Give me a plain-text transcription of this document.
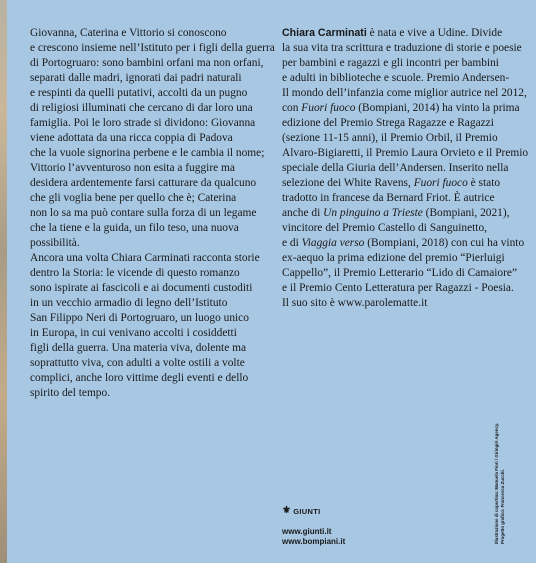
Giovanna, Caterina e Vittorio si conoscono
e crescono insieme nell’Istituto per i figli della guerra
di Portogruaro: sono bambini orfani ma non orfani,
separati dalle madri, ignorati dai padri naturali
e respinti da quelli putativi, accolti da un pugno
di religiosi illuminati che cercano di dar loro una
famiglia. Poi le loro strade si dividono: Giovanna
viene adottata da una ricca coppia di Padova
che la vuole signorina perbene e le cambia il nome;
Vittorio l’avventuroso non esita a fuggire ma
desidera ardentemente farsi catturare da qualcuno
che gli voglia bene per quello che è; Caterina
non lo sa ma può contare sulla forza di un legame
che la tiene e la guida, un filo teso, una nuova
possibilità.
Ancora una volta Chiara Carminati racconta storie
dentro la Storia: le vicende di questo romanzo
sono ispirate ai fascicoli e ai documenti custoditi
in un vecchio armadio di legno dell’Istituto
San Filippo Neri di Portogruaro, un luogo unico
in Europa, in cui venivano accolti i cosiddetti
figli della guerra. Una materia viva, dolente ma
soprattutto viva, con adulti a volte ostili a volte
complici, anche loro vittime degli eventi e dello
spirito del tempo.
Chiara Carminati è nata e vive a Udine. Divide
la sua vita tra scrittura e traduzione di storie e poesie
per bambini e ragazzi e gli incontri per bambini
e adulti in biblioteche e scuole. Premio Andersen-
Il mondo dell’infanzia come miglior autrice nel 2012,
con Fuori fuoco (Bompiani, 2014) ha vinto la prima
edizione del Premio Strega Ragazze e Ragazzi
(sezione 11-15 anni), il Premio Orbil, il Premio
Alvaro-Bigiaretti, il Premio Laura Orvieto e il Premio
speciale della Giuria dell’Andersen. Inserito nella
selezione dei White Ravens, Fuori fuoco è stato
tradotto in francese da Bernard Friot. È autrice
anche di Un pinguino a Trieste (Bompiani, 2021),
vincitore del Premio Castello di Sanguinetto,
e di Viaggia verso (Bompiani, 2018) con cui ha vinto
ex-aequo la prima edizione del premio “Pierluigi
Cappello”, il Premio Letterario “Lido di Camaiore”
e il Premio Cento Letteratura per Ragazzi - Poesia.
Il suo sito è www.parolematte.it
⚜ GIUNTI
www.giunti.it
www.bompiani.it	Illustrazione di copertina: Manuela Fiori / Giringiri Agency. Progetto grafico: Francesca Zucchi.
